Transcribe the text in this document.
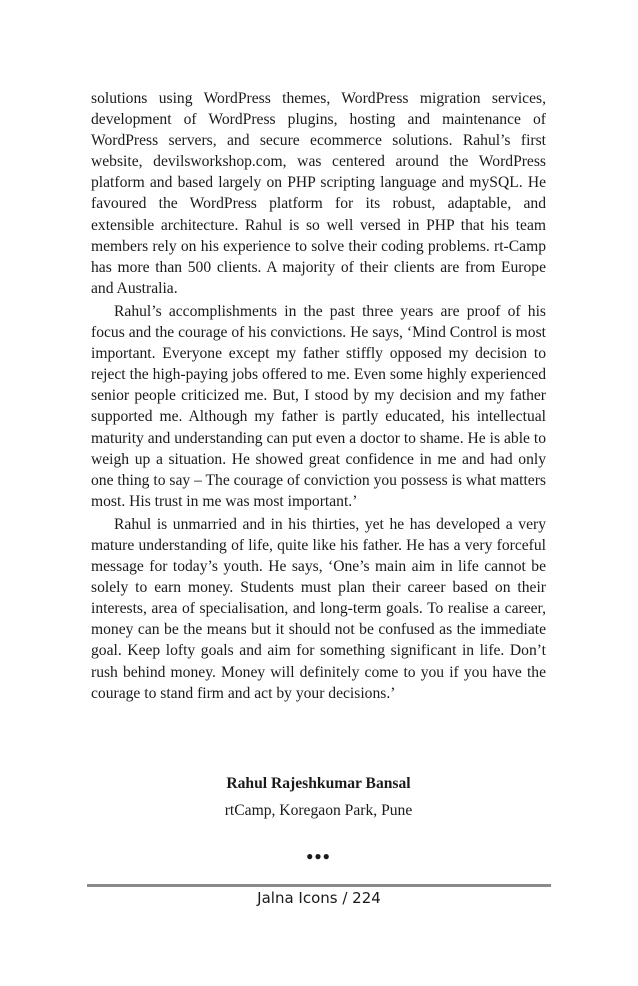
solutions using WordPress themes, WordPress migration services, development of WordPress plugins, hosting and maintenance of WordPress servers, and secure ecommerce solutions. Rahul’s first website, devilsworkshop.com, was centered around the WordPress platform and based largely on PHP scripting language and mySQL. He favoured the WordPress platform for its robust, adaptable, and extensible architecture. Rahul is so well versed in PHP that his team members rely on his experience to solve their coding problems. rt-Camp has more than 500 clients. A majority of their clients are from Europe and Australia.

Rahul’s accomplishments in the past three years are proof of his focus and the courage of his convictions. He says, ‘Mind Control is most important. Everyone except my father stiffly opposed my decision to reject the high-paying jobs offered to me. Even some highly experienced senior people criticized me. But, I stood by my decision and my father supported me. Although my father is partly educated, his intellectual maturity and understanding can put even a doctor to shame. He is able to weigh up a situation. He showed great confidence in me and had only one thing to say – The courage of conviction you possess is what matters most. His trust in me was most important.’

Rahul is unmarried and in his thirties, yet he has developed a very mature understanding of life, quite like his father. He has a very forceful message for today’s youth. He says, ‘One’s main aim in life cannot be solely to earn money. Students must plan their career based on their interests, area of specialisation, and long-term goals. To realise a career, money can be the means but it should not be confused as the immediate goal. Keep lofty goals and aim for something significant in life. Don’t rush behind money. Money will definitely come to you if you have the courage to stand firm and act by your decisions.’

Rahul Rajeshkumar Bansal
rtCamp, Koregaon Park, Pune
●●●
Jalna Icons / 224
